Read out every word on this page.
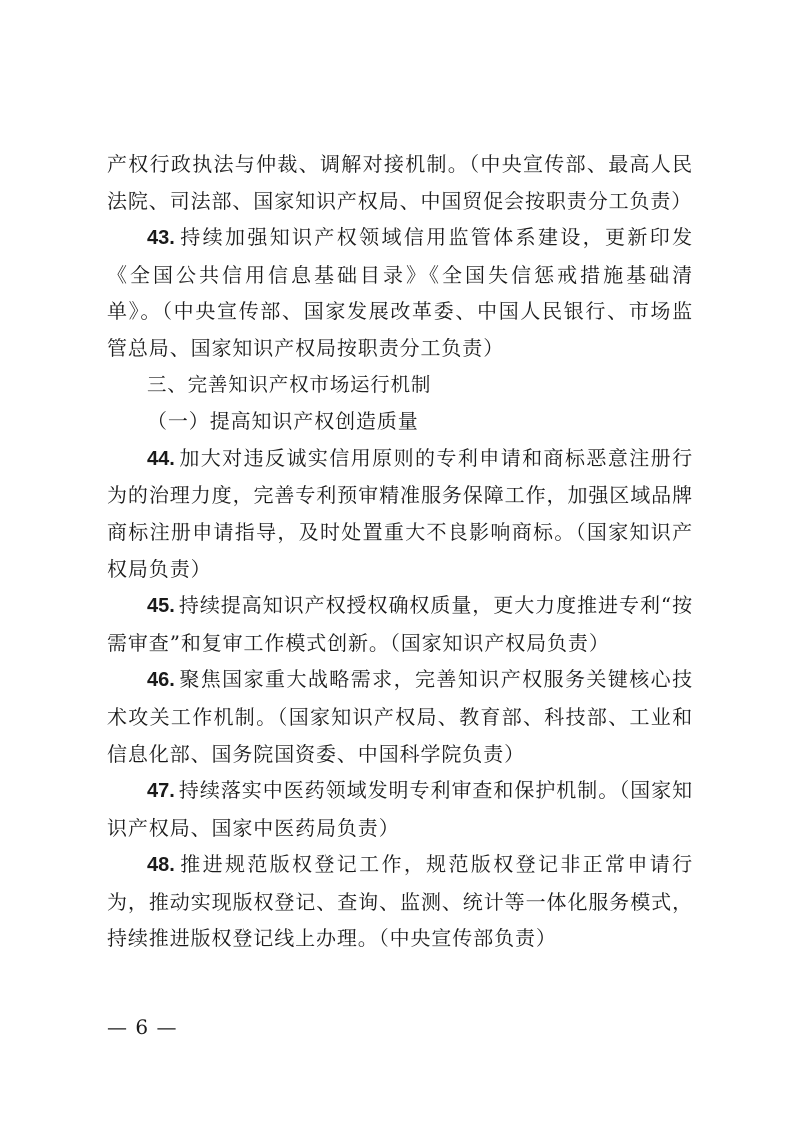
产权行政执法与仲裁、调解对接机制。（中央宣传部、最高人民法院、司法部、国家知识产权局、中国贸促会按职责分工负责）

43. 持续加强知识产权领域信用监管体系建设，更新印发《全国公共信用信息基础目录》《全国失信惩戒措施基础清单》。（中央宣传部、国家发展改革委、中国人民银行、市场监管总局、国家知识产权局按职责分工负责）

三、完善知识产权市场运行机制

（一）提高知识产权创造质量

44. 加大对违反诚实信用原则的专利申请和商标恶意注册行为的治理力度，完善专利预审精准服务保障工作，加强区域品牌商标注册申请指导，及时处置重大不良影响商标。（国家知识产权局负责）

45. 持续提高知识产权授权确权质量，更大力度推进专利“按需审查”和复审工作模式创新。（国家知识产权局负责）

46. 聚焦国家重大战略需求，完善知识产权服务关键核心技术攻关工作机制。（国家知识产权局、教育部、科技部、工业和信息化部、国务院国资委、中国科学院负责）

47. 持续落实中医药领域发明专利审查和保护机制。（国家知识产权局、国家中医药局负责）

48. 推进规范版权登记工作，规范版权登记非正常申请行为，推动实现版权登记、查询、监测、统计等一体化服务模式，持续推进版权登记线上办理。（中央宣传部负责）

— 6 —
